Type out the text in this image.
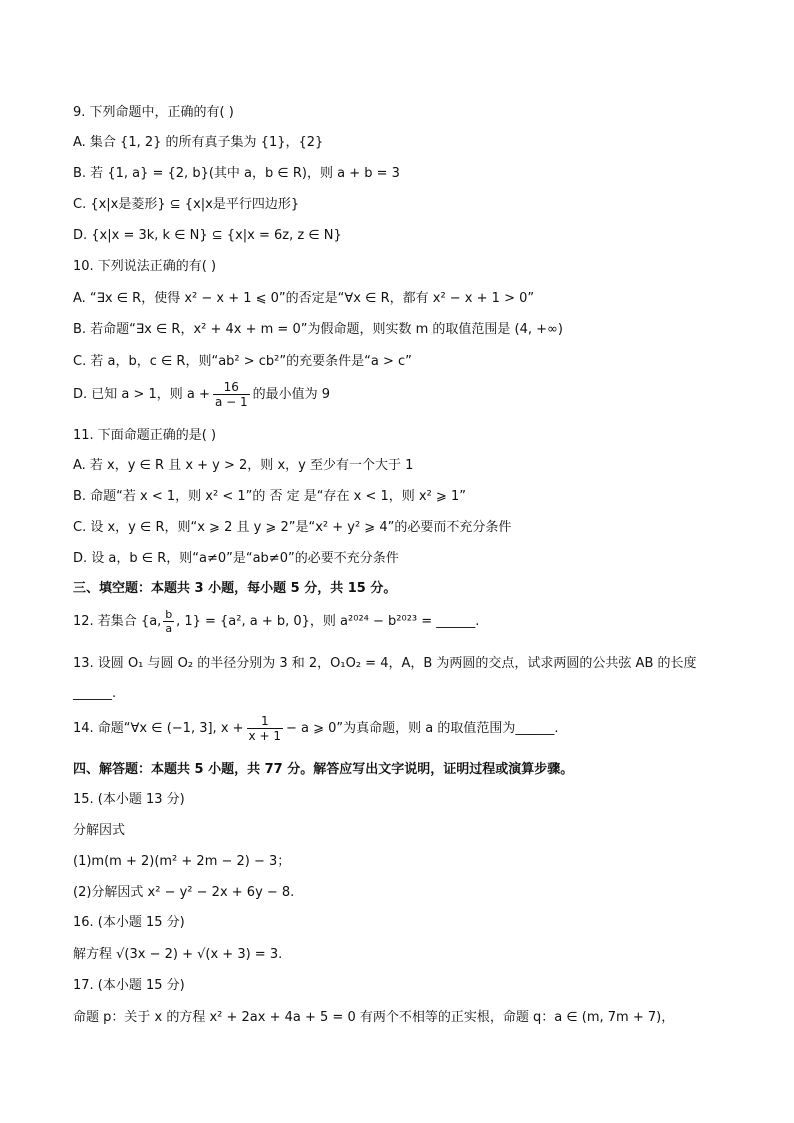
9. 下列命题中，正确的有( )
A. 集合 {1, 2} 的所有真子集为 {1}，{2}
B. 若 {1, a} = {2, b}(其中 a，b ∈ R)，则 a + b = 3
C. {x|x是菱形} ⊆ {x|x是平行四边形}
D. {x|x = 3k, k ∈ N} ⊆ {x|x = 6z, z ∈ N}
10. 下列说法正确的有( )
A. “∃x ∈ R，使得 x² − x + 1 ⩽ 0”的否定是“∀x ∈ R，都有 x² − x + 1 > 0”
B. 若命题“∃x ∈ R，x² + 4x + m = 0”为假命题，则实数 m 的取值范围是 (4, +∞)
C. 若 a，b，c ∈ R，则“ab² > cb²”的充要条件是“a > c”
D. 已知 a > 1，则 $a + \frac{16}{a - 1}$ 的最小值为 9
11. 下面命题正确的是( )
A. 若 x，y ∈ R 且 x + y > 2，则 x，y 至少有一个大于 1
B. 命题“若 x < 1，则 x² < 1”的 否 定 是“存在 x < 1，则 x² ⩾ 1”
C. 设 x，y ∈ R，则“x ⩾ 2 且 y ⩾ 2”是“x² + y² ⩾ 4”的必要而不充分条件
D. 设 a，b ∈ R，则“a≠0”是“ab≠0”的必要不充分条件
三、填空题：本题共 3 小题，每小题 5 分，共 15 分。
12. 若集合 {a, $\frac{b}{a}$ , 1} = {a², a + b, 0}，则 a²⁰²⁴ − b²⁰²³ = ______.
13. 设圆 O₁ 与圆 O₂ 的半径分别为 3 和 2，O₁O₂ = 4，A，B 为两圆的交点，试求两圆的公共弦 AB 的长度
______.
14. 命题“∀x ∈ (−1, 3], $x + \frac{1}{x + 1} - a$ ⩾ 0”为真命题，则 a 的取值范围为______.
四、解答题：本题共 5 小题，共 77 分。解答应写出文字说明，证明过程或演算步骤。
15. (本小题 13 分)
分解因式
(1)m(m + 2)(m² + 2m − 2) − 3；
(2)分解因式 x² − y² − 2x + 6y − 8.
16. (本小题 15 分)
解方程 √(3x − 2) + √(x + 3) = 3.
17. (本小题 15 分)
命题 p：关于 x 的方程 x² + 2ax + 4a + 5 = 0 有两个不相等的正实根，命题 q：a ∈ (m, 7m + 7)，
